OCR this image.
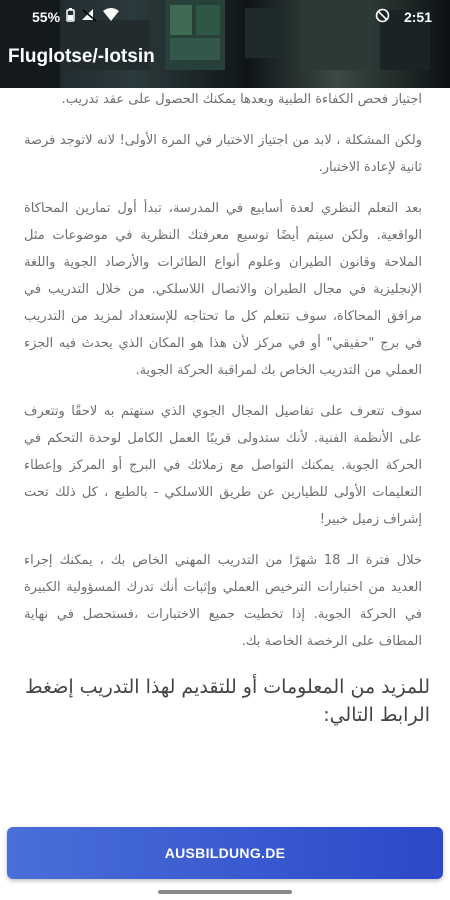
55%	2:51
Fluglotse/-lotsin

اجتياز فحص الكفاءة الطبية وبعدها يمكنك الحصول على عقد تدريب.

ولكن المشكلة ، لابد من اجتياز الاختبار في المرة الأولى! لانه لاتوجد فرصة ثانية لإعادة الاختبار.

بعد التعلم النظري لعدة أسابيع في المدرسة، تبدأ أول تمارين المحاكاة الواقعية. ولكن سيتم أيضًا توسيع معرفتك النظرية في موضوعات مثل الملاحة وقانون الطيران وعلوم أنواع الطائرات والأرصاد الجوية واللغة الإنجليزية في مجال الطيران والاتصال اللاسلكي. من خلال التدريب في مرافق المحاكاة، سوف تتعلم كل ما تحتاجه للإستعداد لمزيد من التدريب في برج "حقيقي" أو في مركز لأن هذا هو المكان الذي يحدث فيه الجزء العملي من التدريب الخاص بك لمراقبة الحركة الجوية.

سوف تتعرف على تفاصيل المجال الجوي الذي ستهتم به لاحقًا وتتعرف على الأنظمة الفنية. لأنك ستدولى قريبًا العمل الكامل لوحدة التحكم في الحركة الجوية. يمكنك التواصل مع زملائك في البرج أو المركز وإعطاء التعليمات الأولى للطيارين عن طريق اللاسلكي - بالطبع ، كل ذلك تحت إشراف زميل خبير!

خلال فترة الـ 18 شهرًا من التدريب المهني الخاص بك ، يمكنك إجراء العديد من اختبارات الترخيص العملي وإثبات أنك تدرك المسؤولية الكبيرة في الحركة الجوية. إذا تخطيت جميع الاختبارات ،فستحصل في نهاية المطاف على الرخصة الخاصة بك.

للمزيد من المعلومات أو للتقديم لهذا التدريب إضغط الرابط التالي:
AUSBILDUNG.DE
